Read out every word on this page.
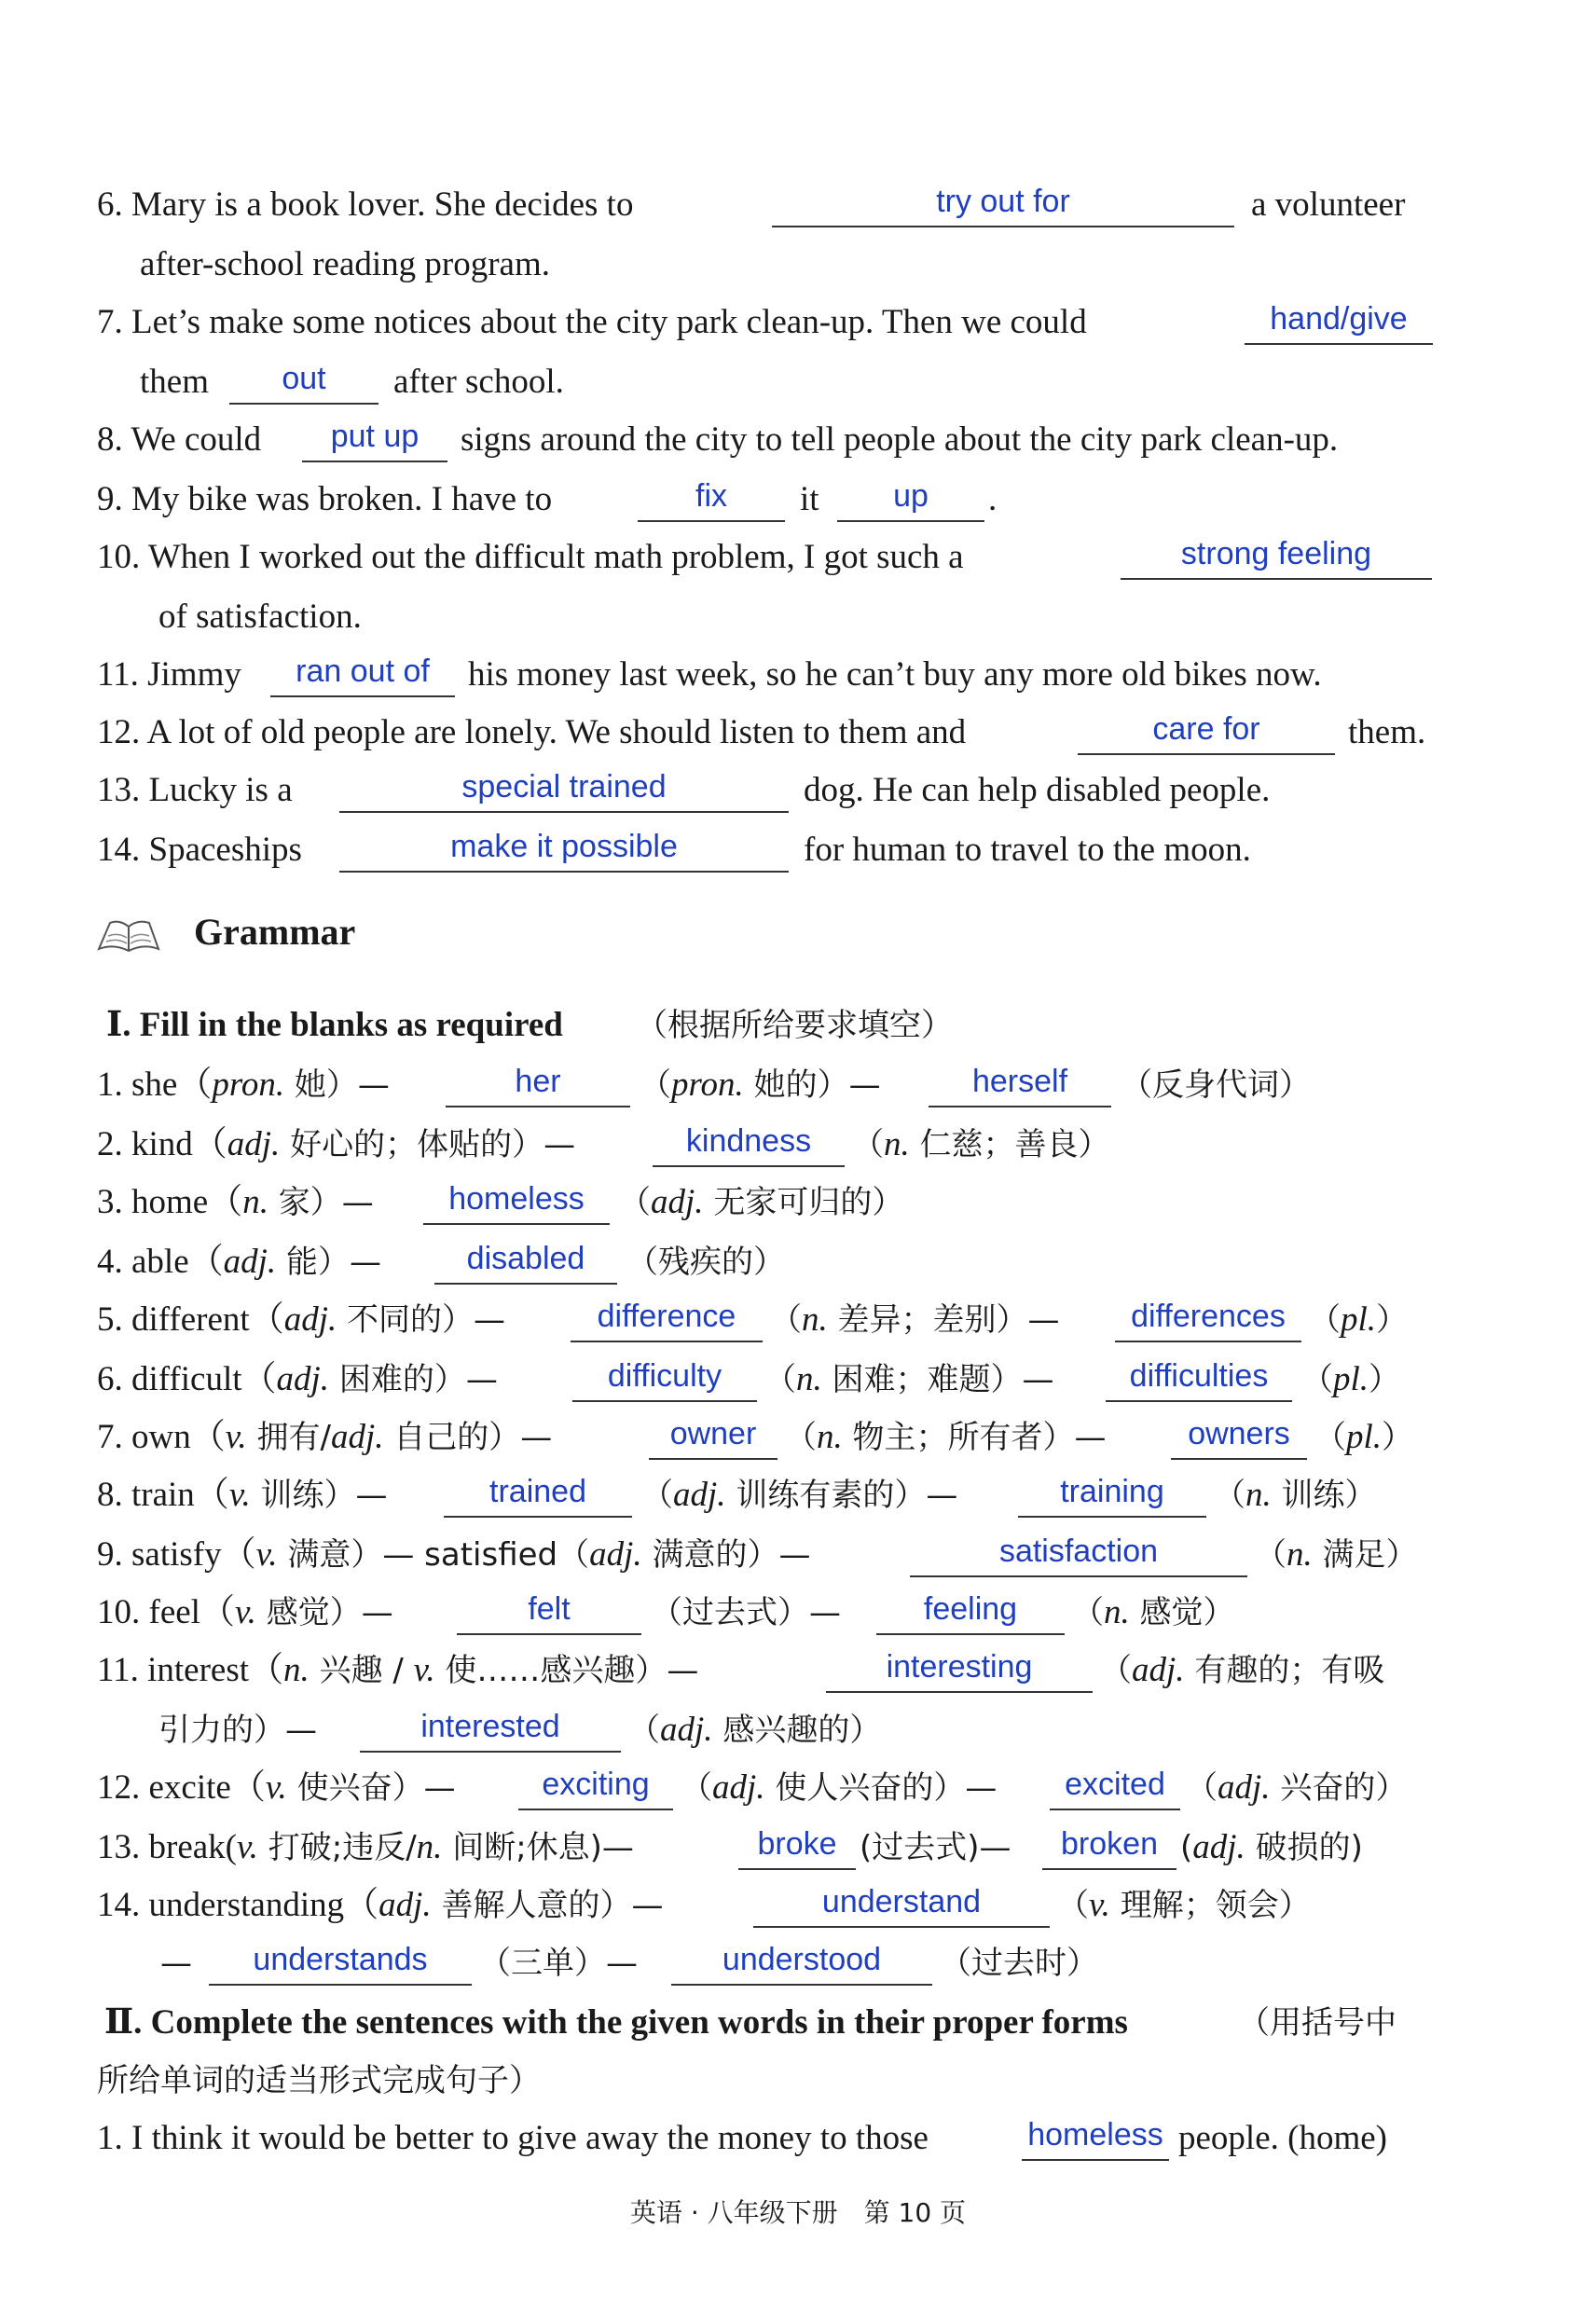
6. Mary is a book lover. She decides to	try out for	a volunteer
after-school reading program.
7. Let’s make some notices about the city park clean-up. Then we could	hand/give
them	out	after school.
8. We could	put up	signs around the city to tell people about the city park clean-up.
9. My bike was broken. I have to	fix	it	up	.
10. When I worked out the difficult math problem, I got such a	strong feeling
of satisfaction.
11. Jimmy	ran out of	his money last week, so he can’t buy any more old bikes now.
12. A lot of old people are lonely. We should listen to them and	care for	them.
13. Lucky is a	special trained	dog. He can help disabled people.
14. Spaceships	make it possible	for human to travel to the moon.
Grammar
Ⅰ. Fill in the blanks as required （根据所给要求填空）
1. she（pron. 她）—	her	（pron. 她的）—	herself	（反身代词）
2. kind（adj. 好心的；体贴的）—	kindness	（n. 仁慈；善良）
3. home（n. 家）—	homeless	（adj. 无家可归的）
4. able（adj. 能）—	disabled	（残疾的）
5. different（adj. 不同的）—	difference	（n. 差异；差别）—	differences （pl.）
6. difficult（adj. 困难的）—	difficulty	（n. 困难；难题）—	difficulties	（pl.）
7. own（v. 拥有/adj. 自己的）—	owner （n. 物主；所有者）—	owners （pl.）
8. train（v. 训练）—	trained	（adj. 训练有素的）—	training	（n. 训练）
9. satisfy（v. 满意）— satisfied（adj. 满意的）—	satisfaction	（n. 满足）
10. feel（v. 感觉）—	felt	（过去式）—	feeling	（n. 感觉）
11. interest（n. 兴趣 / v. 使……感兴趣）—	interesting	（adj. 有趣的；有吸
引力的）—	interested	（adj. 感兴趣的）
12. excite（v. 使兴奋）—	exciting （adj. 使人兴奋的）—	excited （adj. 兴奋的）
13. break(v. 打破;违反/n. 间断;休息)—	broke (过去式)—	broken (adj. 破损的)
14. understanding（adj. 善解人意的）—	understand	（v. 理解；领会）
—	understands	（三单）—	understood	（过去时）
Ⅱ. Complete the sentences with the given words in their proper forms	（用括号中
所给单词的适当形式完成句子）
1. I think it would be better to give away the money to those	homeless people. (home)
英语 · 八年级下册　第 10 页
